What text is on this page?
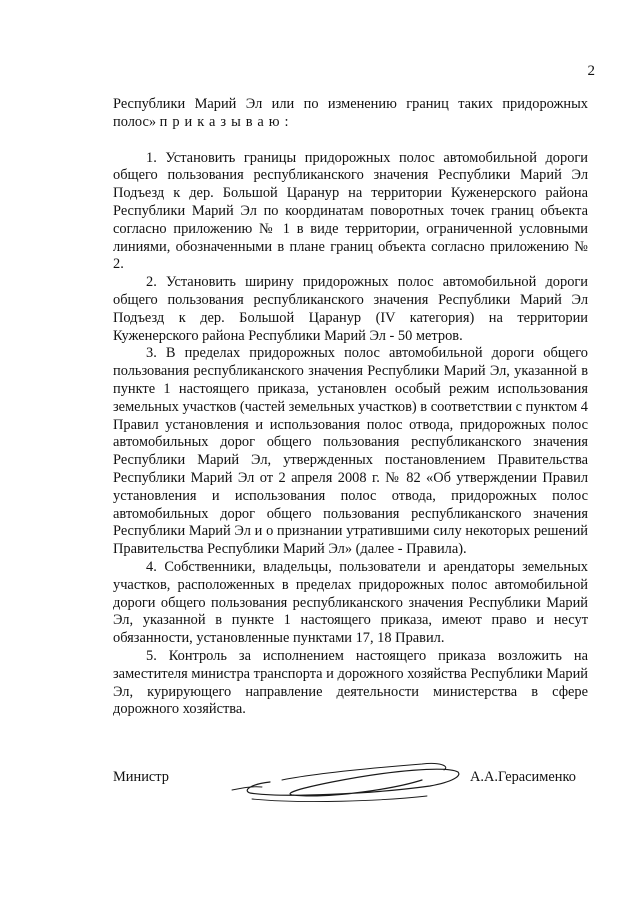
2

Республики Марий Эл или по изменению границ таких придорожных полос» приказываю:

1. Установить границы придорожных полос автомобильной дороги общего пользования республиканского значения Республики Марий Эл Подъезд к дер. Большой Царанур на территории Куженерского района Республики Марий Эл по координатам поворотных точек границ объекта согласно приложению № 1 в виде территории, ограниченной условными линиями, обозначенными в плане границ объекта согласно приложению № 2.

2. Установить ширину придорожных полос автомобильной дороги общего пользования республиканского значения Республики Марий Эл Подъезд к дер. Большой Царанур (IV категория) на территории Куженерского района Республики Марий Эл - 50 метров.

3. В пределах придорожных полос автомобильной дороги общего пользования республиканского значения Республики Марий Эл, указанной в пункте 1 настоящего приказа, установлен особый режим использования земельных участков (частей земельных участков) в соответствии с пунктом 4 Правил установления и использования полос отвода, придорожных полос автомобильных дорог общего пользования республиканского значения Республики Марий Эл, утвержденных постановлением Правительства Республики Марий Эл от 2 апреля 2008 г. № 82 «Об утверждении Правил установления и использования полос отвода, придорожных полос автомобильных дорог общего пользования республиканского значения Республики Марий Эл и о признании утратившими силу некоторых решений Правительства Республики Марий Эл» (далее - Правила).

4. Собственники, владельцы, пользователи и арендаторы земельных участков, расположенных в пределах придорожных полос автомобильной дороги общего пользования республиканского значения Республики Марий Эл, указанной в пункте 1 настоящего приказа, имеют право и несут обязанности, установленные пунктами 17, 18 Правил.

5. Контроль за исполнением настоящего приказа возложить на заместителя министра транспорта и дорожного хозяйства Республики Марий Эл, курирующего направление деятельности министерства в сфере дорожного хозяйства.

Министр	А.А.Герасименко
